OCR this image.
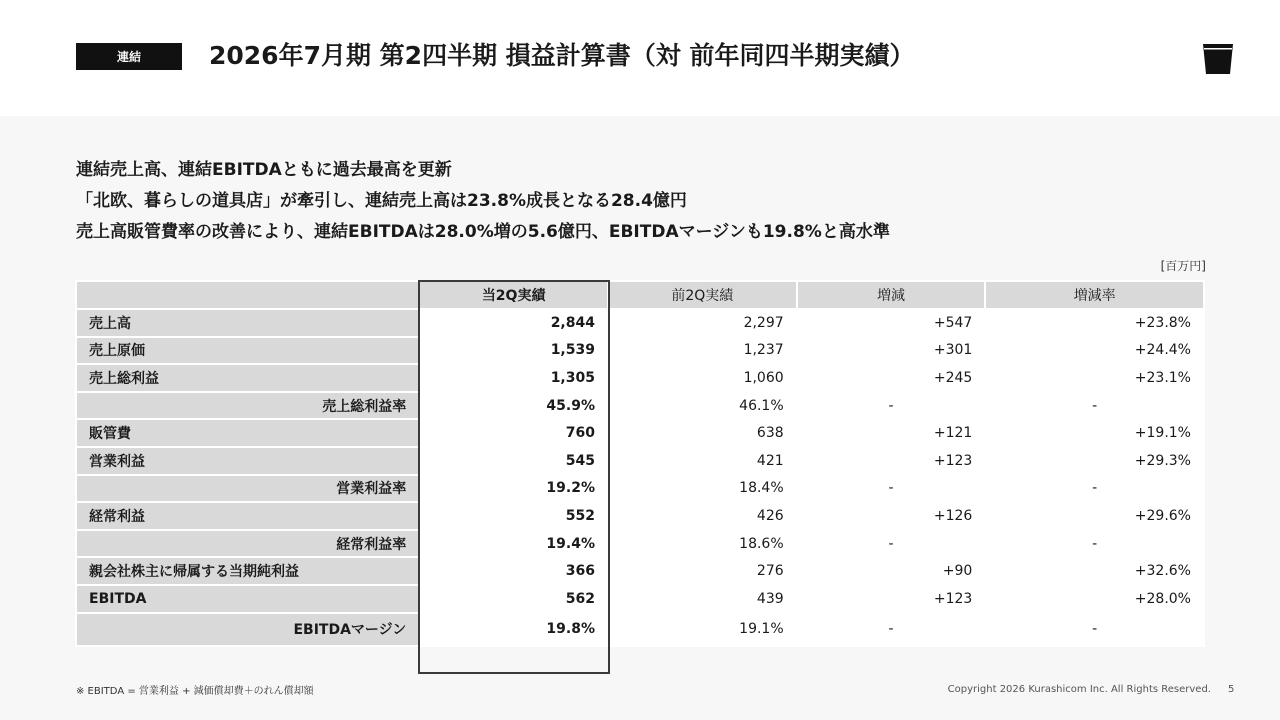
連結	2026年7月期 第2四半期 損益計算書（対 前年同四半期実績）
連結売上高、連結EBITDAともに過去最高を更新
「北欧、暮らしの道具店」が牽引し、連結売上高は23.8%成長となる28.4億円
売上高販管費率の改善により、連結EBITDAは28.0%増の5.6億円、EBITDAマージンも19.8%と高水準
[百万円]
	当2Q実績	前2Q実績	増減	増減率
売上高	2,844	2,297	+547	+23.8%
売上原価	1,539	1,237	+301	+24.4%
売上総利益	1,305	1,060	+245	+23.1%
売上総利益率	45.9%	46.1%	-	-
販管費	760	638	+121	+19.1%
営業利益	545	421	+123	+29.3%
営業利益率	19.2%	18.4%	-	-
経常利益	552	426	+126	+29.6%
経常利益率	19.4%	18.6%	-	-
親会社株主に帰属する当期純利益	366	276	+90	+32.6%
EBITDA	562	439	+123	+28.0%
EBITDAマージン	19.8%	19.1%	-	-
※ EBITDA = 営業利益 + 減価償却費＋のれん償却額	Copyright 2026 Kurashicom Inc. All Rights Reserved. 5
